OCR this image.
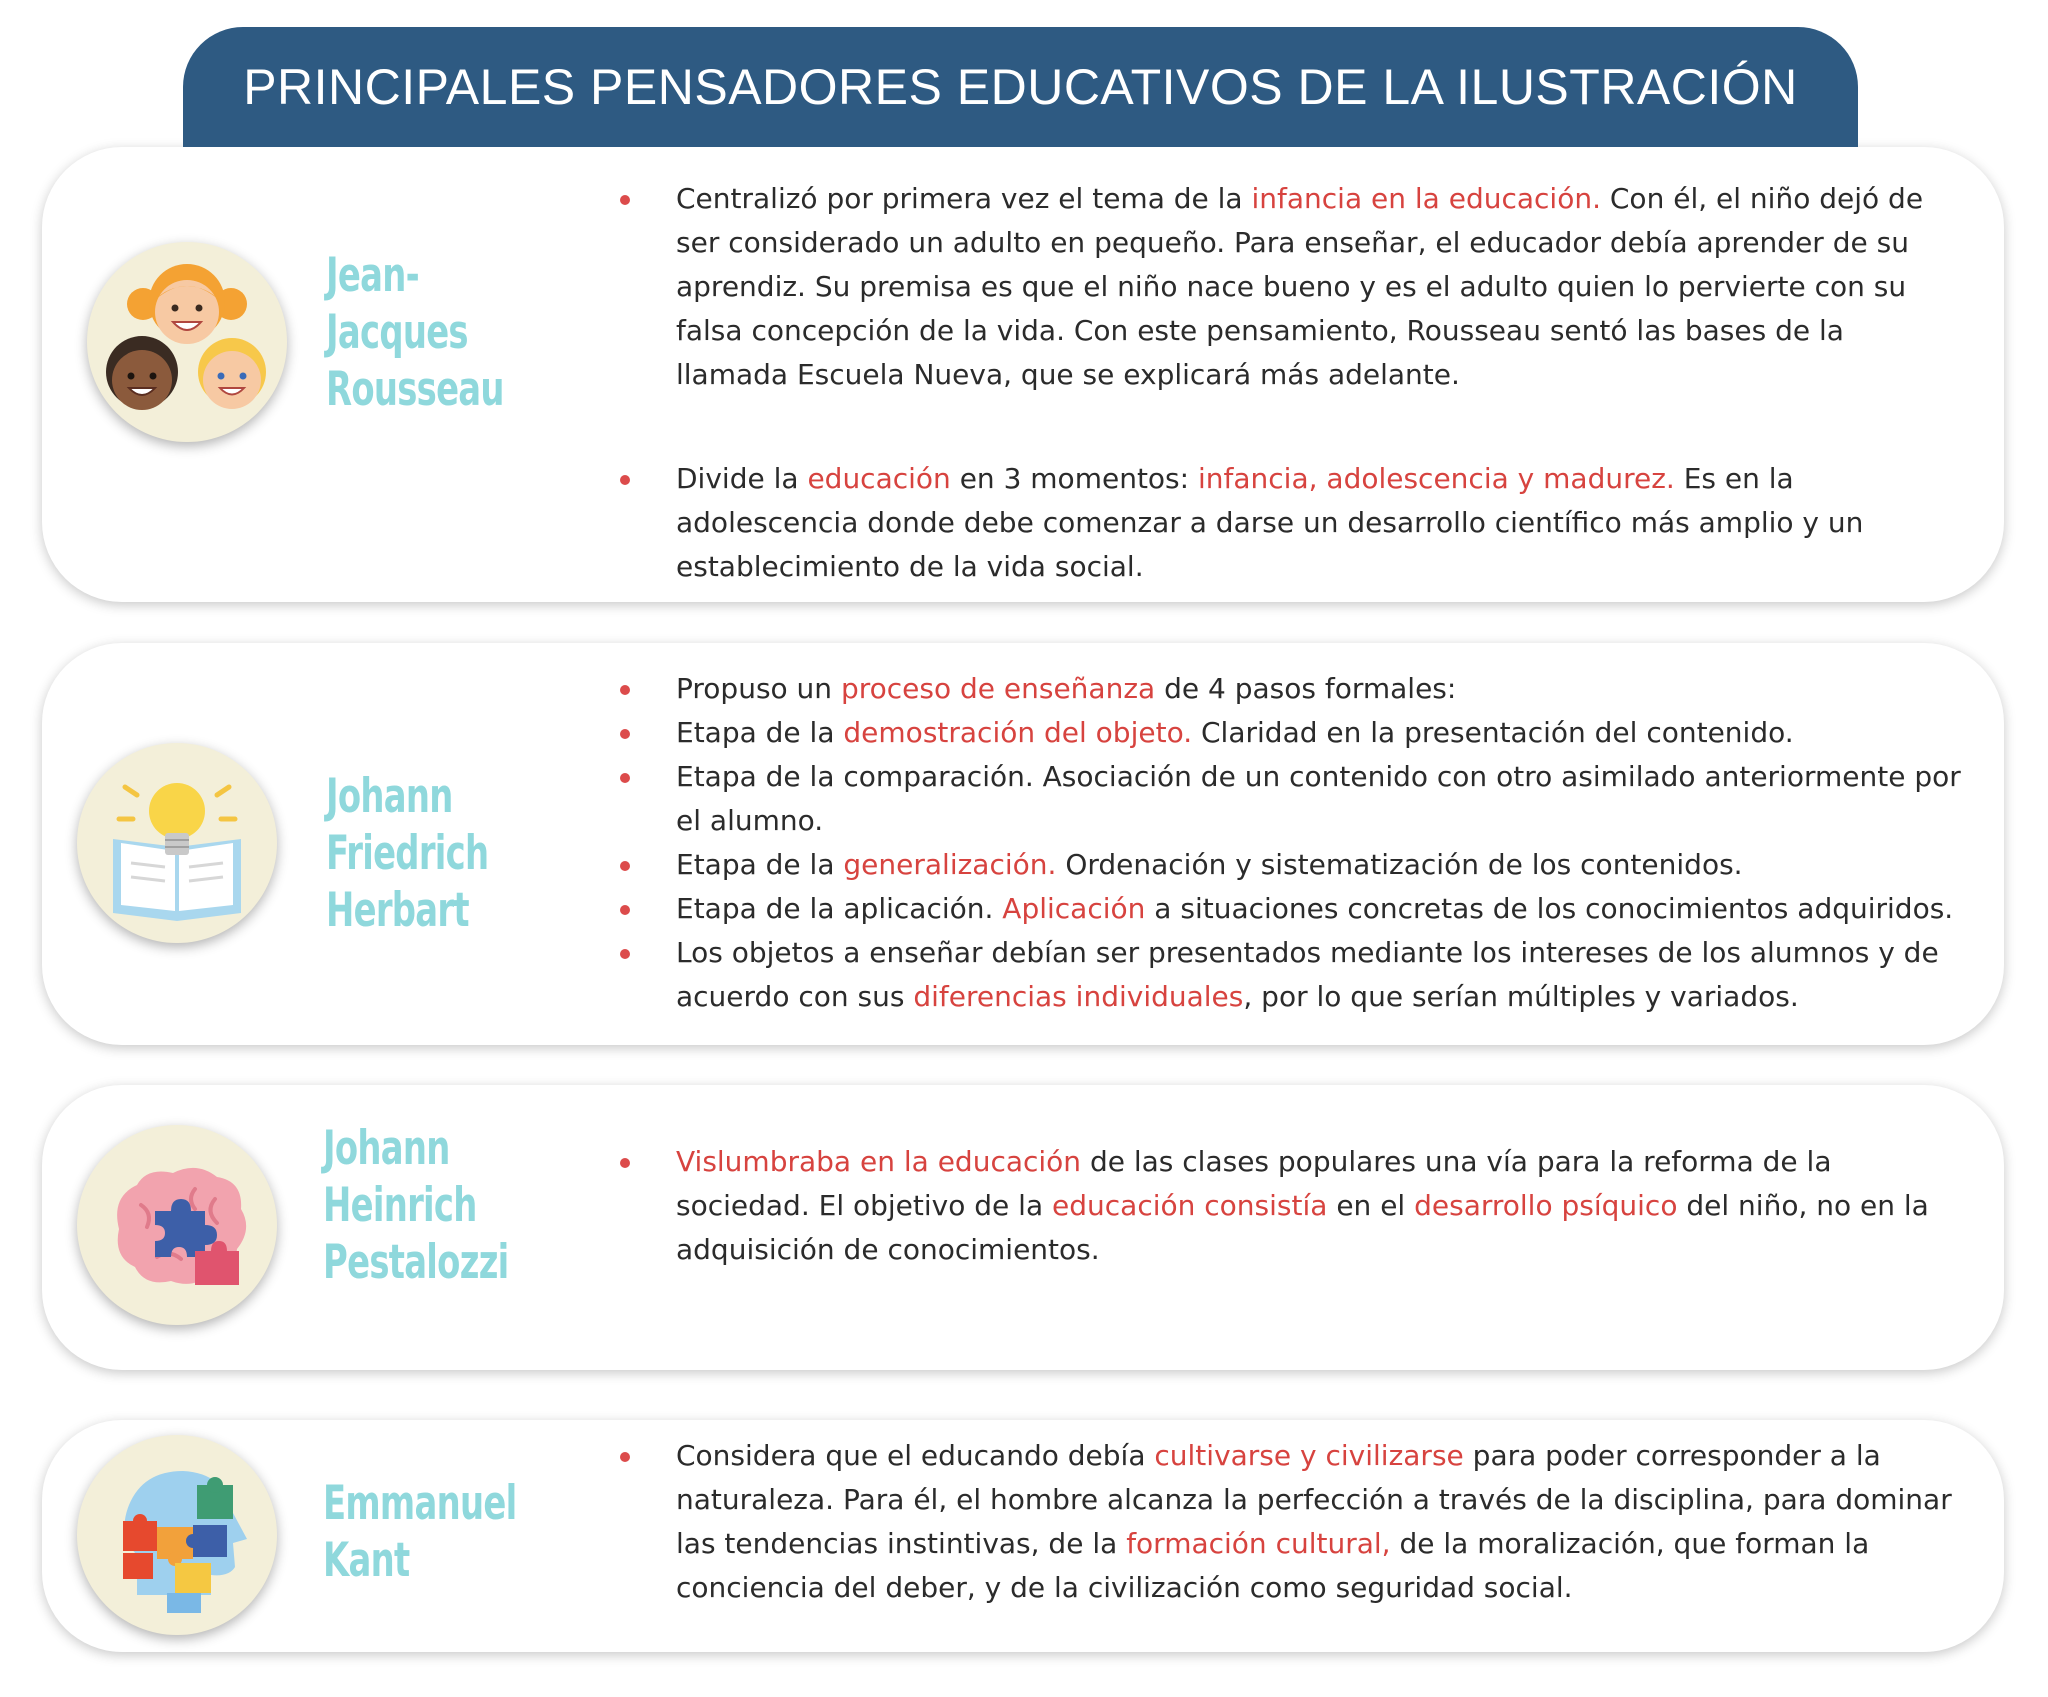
PRINCIPALES PENSADORES EDUCATIVOS DE LA ILUSTRACIÓN
Jean-
Jacques
Rousseau
Centralizó por primera vez el tema de la infancia en la educación. Con él, el niño dejó de ser considerado un adulto en pequeño. Para enseñar, el educador debía aprender de su aprendiz. Su premisa es que el niño nace bueno y es el adulto quien lo pervierte con su falsa concepción de la vida. Con este pensamiento, Rousseau sentó las bases de la llamada Escuela Nueva, que se explicará más adelante.
Divide la educación en 3 momentos: infancia, adolescencia y madurez. Es en la adolescencia donde debe comenzar a darse un desarrollo científico más amplio y un establecimiento de la vida social.
Johann
Friedrich
Herbart
Propuso un proceso de enseñanza de 4 pasos formales:
Etapa de la demostración del objeto. Claridad en la presentación del contenido.
Etapa de la comparación. Asociación de un contenido con otro asimilado anteriormente por el alumno.
Etapa de la generalización. Ordenación y sistematización de los contenidos.
Etapa de la aplicación. Aplicación a situaciones concretas de los conocimientos adquiridos.
Los objetos a enseñar debían ser presentados mediante los intereses de los alumnos y de acuerdo con sus diferencias individuales, por lo que serían múltiples y variados.
Johann
Heinrich
Pestalozzi
Vislumbraba en la educación de las clases populares una vía para la reforma de la sociedad. El objetivo de la educación consistía en el desarrollo psíquico del niño, no en la adquisición de conocimientos.
Emmanuel
Kant
Considera que el educando debía cultivarse y civilizarse para poder corresponder a la naturaleza. Para él, el hombre alcanza la perfección a través de la disciplina, para dominar las tendencias instintivas, de la formación cultural, de la moralización, que forman la conciencia del deber, y de la civilización como seguridad social.
